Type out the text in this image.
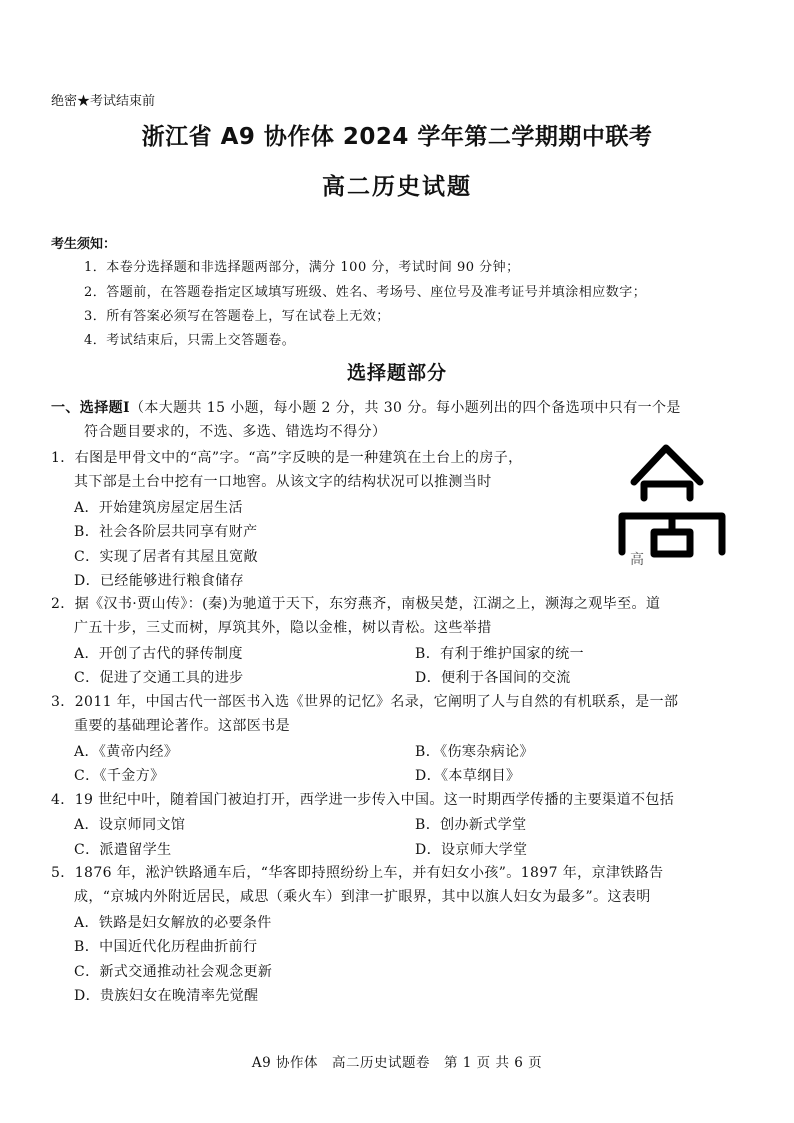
绝密★考试结束前
浙江省 A9 协作体 2024 学年第二学期期中联考
高二历史试题
考生须知：
1．本卷分选择题和非选择题两部分，满分 100 分，考试时间 90 分钟；
2．答题前，在答题卷指定区域填写班级、姓名、考场号、座位号及准考证号并填涂相应数字；
3．所有答案必须写在答题卷上，写在试卷上无效；
4．考试结束后，只需上交答题卷。
选择题部分
一、选择题Ⅰ（本大题共 15 小题，每小题 2 分，共 30 分。每小题列出的四个备选项中只有一个是
符合题目要求的，不选、多选、错选均不得分）
1．右图是甲骨文中的“高”字。“高”字反映的是一种建筑在土台上的房子，
其下部是土台中挖有一口地窖。从该文字的结构状况可以推测当时
A．开始建筑房屋定居生活
B．社会各阶层共同享有财产
C．实现了居者有其屋且宽敞
D．已经能够进行粮食储存
高
2．据《汉书·贾山传》：(秦)为驰道于天下，东穷燕齐，南极吴楚，江湖之上，濒海之观毕至。道
广五十步，三丈而树，厚筑其外，隐以金椎，树以青松。这些举措
A．开创了古代的驿传制度	B．有利于维护国家的统一
C．促进了交通工具的进步	D．便利于各国间的交流
3．2011 年，中国古代一部医书入选《世界的记忆》名录，它阐明了人与自然的有机联系，是一部
重要的基础理论著作。这部医书是
A．《黄帝内经》	B．《伤寒杂病论》
C．《千金方》	D．《本草纲目》
4．19 世纪中叶，随着国门被迫打开，西学进一步传入中国。这一时期西学传播的主要渠道不包括
A．设京师同文馆	B．创办新式学堂
C．派遣留学生	D．设京师大学堂
5．1876 年，淞沪铁路通车后，“华客即持照纷纷上车，并有妇女小孩”。1897 年，京津铁路告
成，“京城内外附近居民，咸思（乘火车）到津一扩眼界，其中以旗人妇女为最多”。这表明
A．铁路是妇女解放的必要条件
B．中国近代化历程曲折前行
C．新式交通推动社会观念更新
D．贵族妇女在晚清率先觉醒
A9 协作体　高二历史试题卷　第 1 页 共 6 页
